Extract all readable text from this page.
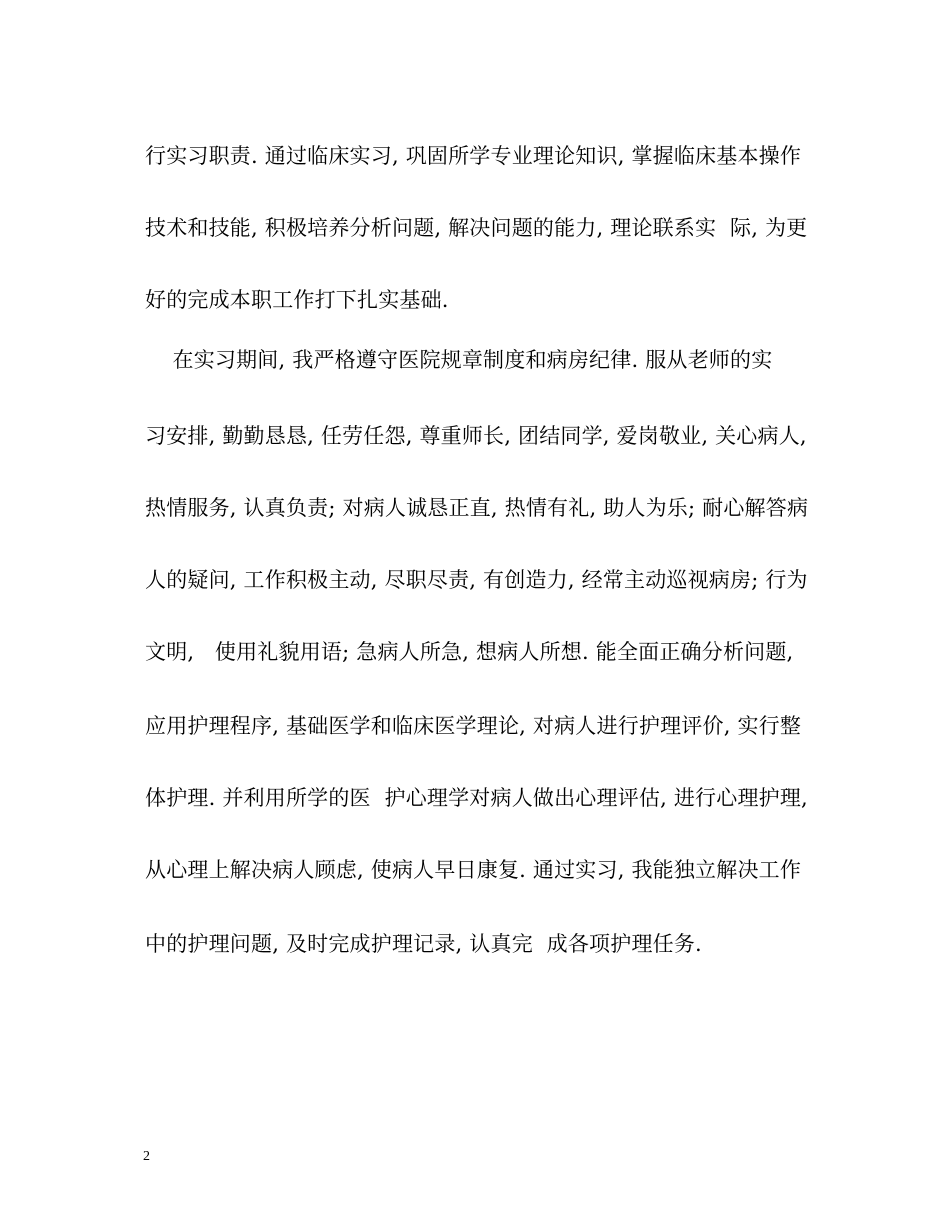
行实习职责. 通过临床实习, 巩固所学专业理论知识, 掌握临床基本操作
技术和技能, 积极培养分析问题, 解决问题的能力, 理论联系实  际, 为更
好的完成本职工作打下扎实基础.
在实习期间, 我严格遵守医院规章制度和病房纪律. 服从老师的实
习安排, 勤勤恳恳, 任劳任怨, 尊重师长, 团结同学, 爱岗敬业, 关心病人,
热情服务, 认真负责; 对病人诚恳正直, 热情有礼, 助人为乐; 耐心解答病
人的疑问, 工作积极主动, 尽职尽责, 有创造力, 经常主动巡视病房; 行为
文明,   使用礼貌用语; 急病人所急, 想病人所想. 能全面正确分析问题,
应用护理程序, 基础医学和临床医学理论, 对病人进行护理评价, 实行整
体护理. 并利用所学的医  护心理学对病人做出心理评估, 进行心理护理,
从心理上解决病人顾虑, 使病人早日康复. 通过实习, 我能独立解决工作
中的护理问题, 及时完成护理记录, 认真完  成各项护理任务.
2
